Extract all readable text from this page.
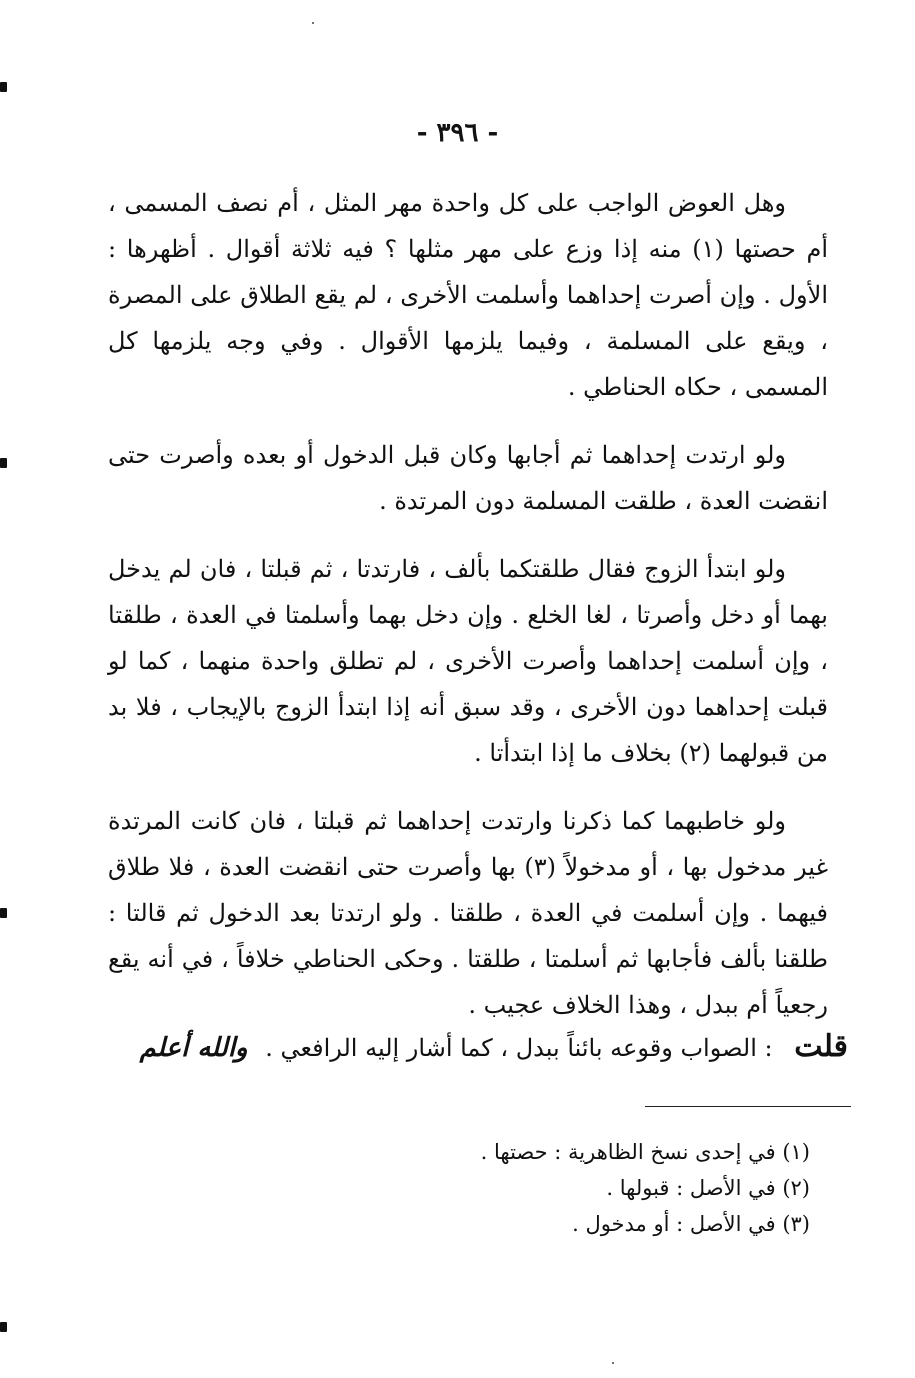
- ٣٩٦ -

وهل العوض الواجب على كل واحدة مهر المثل ، أم نصف المسمى ، أم حصتها (١) منه إذا وزع على مهر مثلها ؟ فيه ثلاثة أقوال . أظهرها : الأول . وإن أصرت إحداهما وأسلمت الأخرى ، لم يقع الطلاق على المصرة ، ويقع على المسلمة ، وفيما يلزمها الأقوال . وفي وجه يلزمها كل المسمى ، حكاه الحناطي .

ولو ارتدت إحداهما ثم أجابها وكان قبل الدخول أو بعده وأصرت حتى انقضت العدة ، طلقت المسلمة دون المرتدة .

ولو ابتدأ الزوج فقال طلقتكما بألف ، فارتدتا ، ثم قبلتا ، فان لم يدخل بهما أو دخل وأصرتا ، لغا الخلع . وإن دخل بهما وأسلمتا في العدة ، طلقتا ، وإن أسلمت إحداهما وأصرت الأخرى ، لم تطلق واحدة منهما ، كما لو قبلت إحداهما دون الأخرى ، وقد سبق أنه إذا ابتدأ الزوج بالإيجاب ، فلا بد من قبولهما (٢) بخلاف ما إذا ابتدأتا .

ولو خاطبهما كما ذكرنا وارتدت إحداهما ثم قبلتا ، فان كانت المرتدة غير مدخول بها ، أو مدخولاً (٣) بها وأصرت حتى انقضت العدة ، فلا طلاق فيهما . وإن أسلمت في العدة ، طلقتا . ولو ارتدتا بعد الدخول ثم قالتا : طلقنا بألف فأجابها ثم أسلمتا ، طلقتا . وحكى الحناطي خلافاً ، في أنه يقع رجعياً أم ببدل ، وهذا الخلاف عجيب .

قلت : الصواب وقوعه بائناً ببدل ، كما أشار إليه الرافعي . والله أعلم

(١) في إحدى نسخ الظاهرية : حصتها .

(٢) في الأصل : قبولها .

(٣) في الأصل : أو مدخول .
